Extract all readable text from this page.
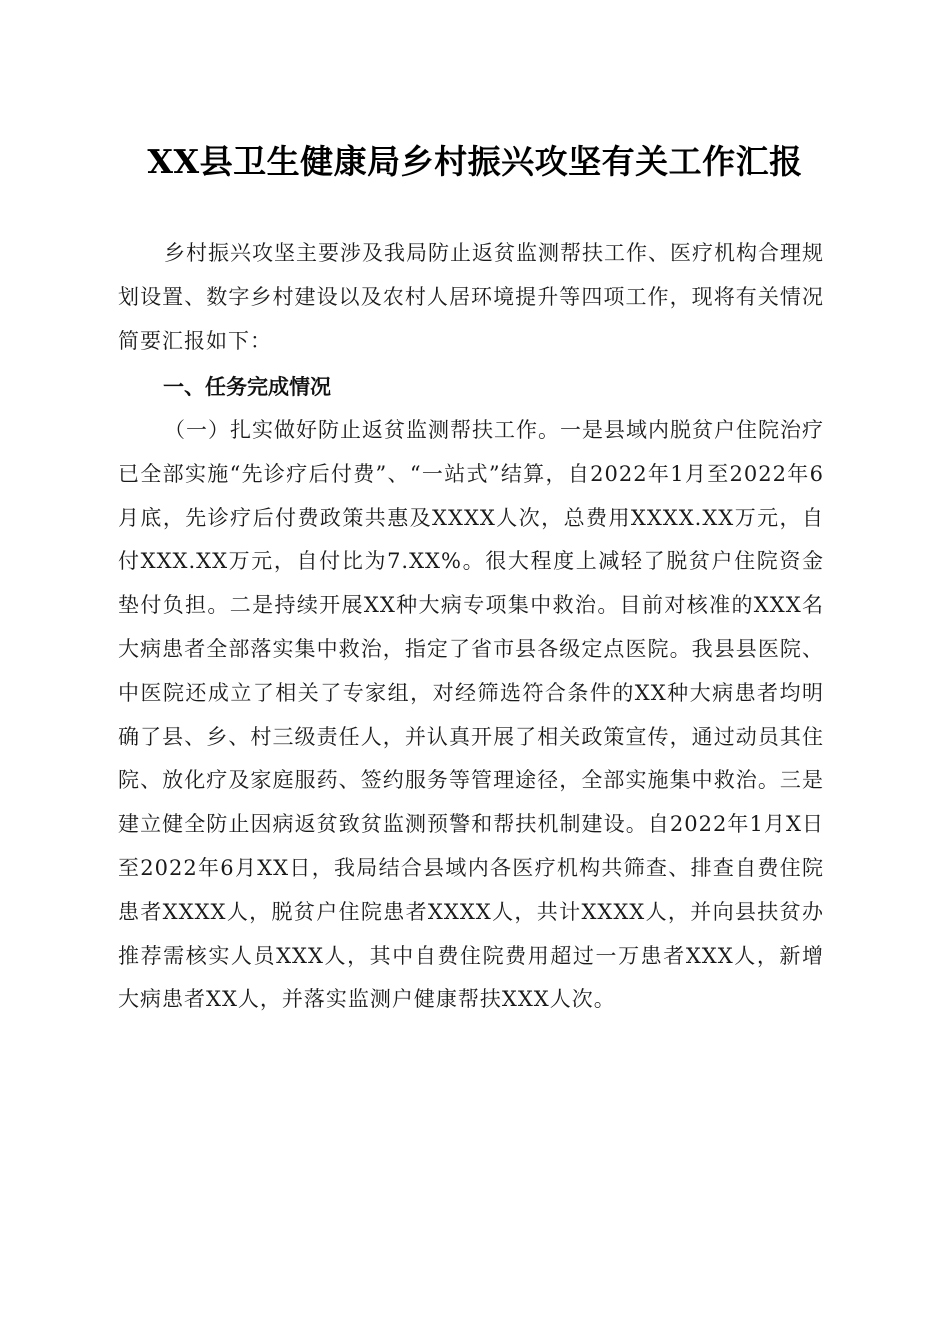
XX县卫生健康局乡村振兴攻坚有关工作汇报

乡村振兴攻坚主要涉及我局防止返贫监测帮扶工作、医疗机构合理规划设置、数字乡村建设以及农村人居环境提升等四项工作，现将有关情况简要汇报如下：

一、任务完成情况

（一）扎实做好防止返贫监测帮扶工作。一是县域内脱贫户住院治疗已全部实施“先诊疗后付费”、“一站式”结算，自2022年1月至2022年6月底，先诊疗后付费政策共惠及XXXX人次，总费用XXXX.XX万元，自付XXX.XX万元，自付比为7.XX%。很大程度上减轻了脱贫户住院资金垫付负担。二是持续开展XX种大病专项集中救治。目前对核准的XXX名大病患者全部落实集中救治，指定了省市县各级定点医院。我县县医院、中医院还成立了相关了专家组，对经筛选符合条件的XX种大病患者均明确了县、乡、村三级责任人，并认真开展了相关政策宣传，通过动员其住院、放化疗及家庭服药、签约服务等管理途径，全部实施集中救治。三是建立健全防止因病返贫致贫监测预警和帮扶机制建设。自2022年1月X日至2022年6月XX日，我局结合县域内各医疗机构共筛查、排查自费住院患者XXXX人，脱贫户住院患者XXXX人，共计XXXX人，并向县扶贫办推荐需核实人员XXX人，其中自费住院费用超过一万患者XXX人，新增大病患者XX人，并落实监测户健康帮扶XXX人次。
